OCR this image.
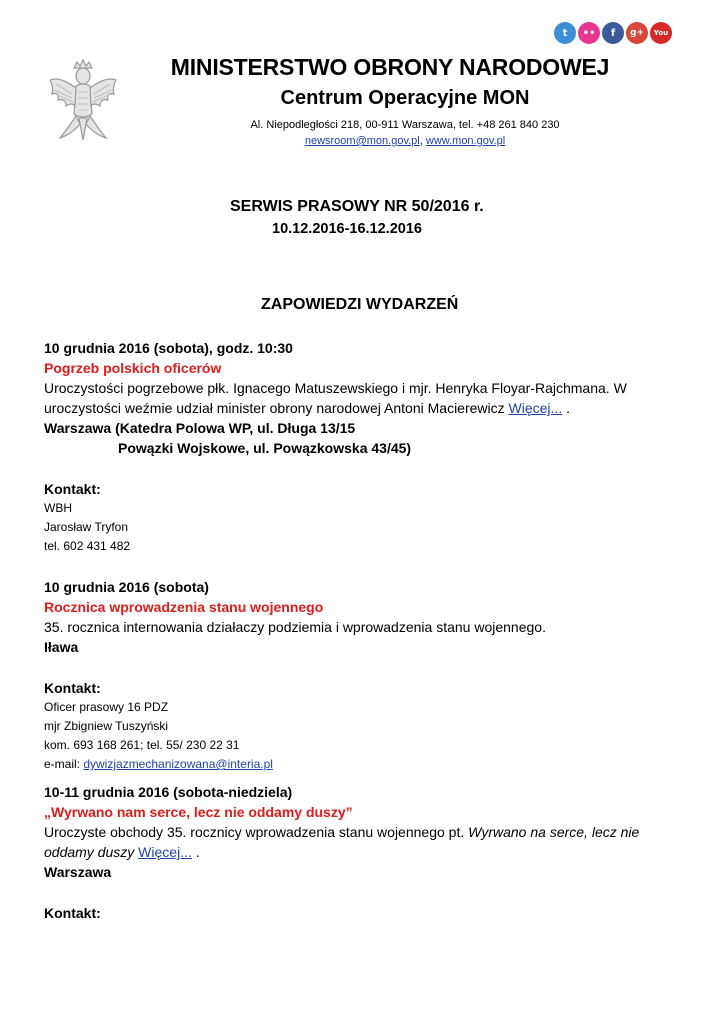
t	••	f	g+	You
MINISTERSTWO OBRONY NARODOWEJ
Centrum Operacyjne MON
Al. Niepodległości 218, 00-911 Warszawa, tel. +48 261 840 230
newsroom@mon.gov.pl, www.mon.gov.pl
SERWIS PRASOWY NR 50/2016 r.
10.12.2016-16.12.2016
ZAPOWIEDZI WYDARZEŃ

10 grudnia 2016 (sobota), godz. 10:30

Pogrzeb polskich oficerów

Uroczystości pogrzebowe płk. Ignacego Matuszewskiego i mjr. Henryka Floyar-Rajchmana. W uroczystości weźmie udział minister obrony narodowej Antoni Macierewicz Więcej... .

Warszawa (Katedra Polowa WP, ul. Długa 13/15

Powązki Wojskowe, ul. Powązkowska 43/45)

Kontakt:

WBH

Jarosław Tryfon

tel. 602 431 482

10 grudnia 2016 (sobota)

Rocznica wprowadzenia stanu wojennego

35. rocznica internowania działaczy podziemia i wprowadzenia stanu wojennego.

Iława

Kontakt:

Oficer prasowy 16 PDZ

mjr Zbigniew Tuszyński

kom. 693 168 261; tel. 55/ 230 22 31

e-mail: dywizjazmechanizowana@interia.pl

10-11 grudnia 2016 (sobota-niedziela)

„Wyrwano nam serce, lecz nie oddamy duszy”

Uroczyste obchody 35. rocznicy wprowadzenia stanu wojennego pt. Wyrwano na serce, lecz nie oddamy duszy Więcej... .

Warszawa

Kontakt:
